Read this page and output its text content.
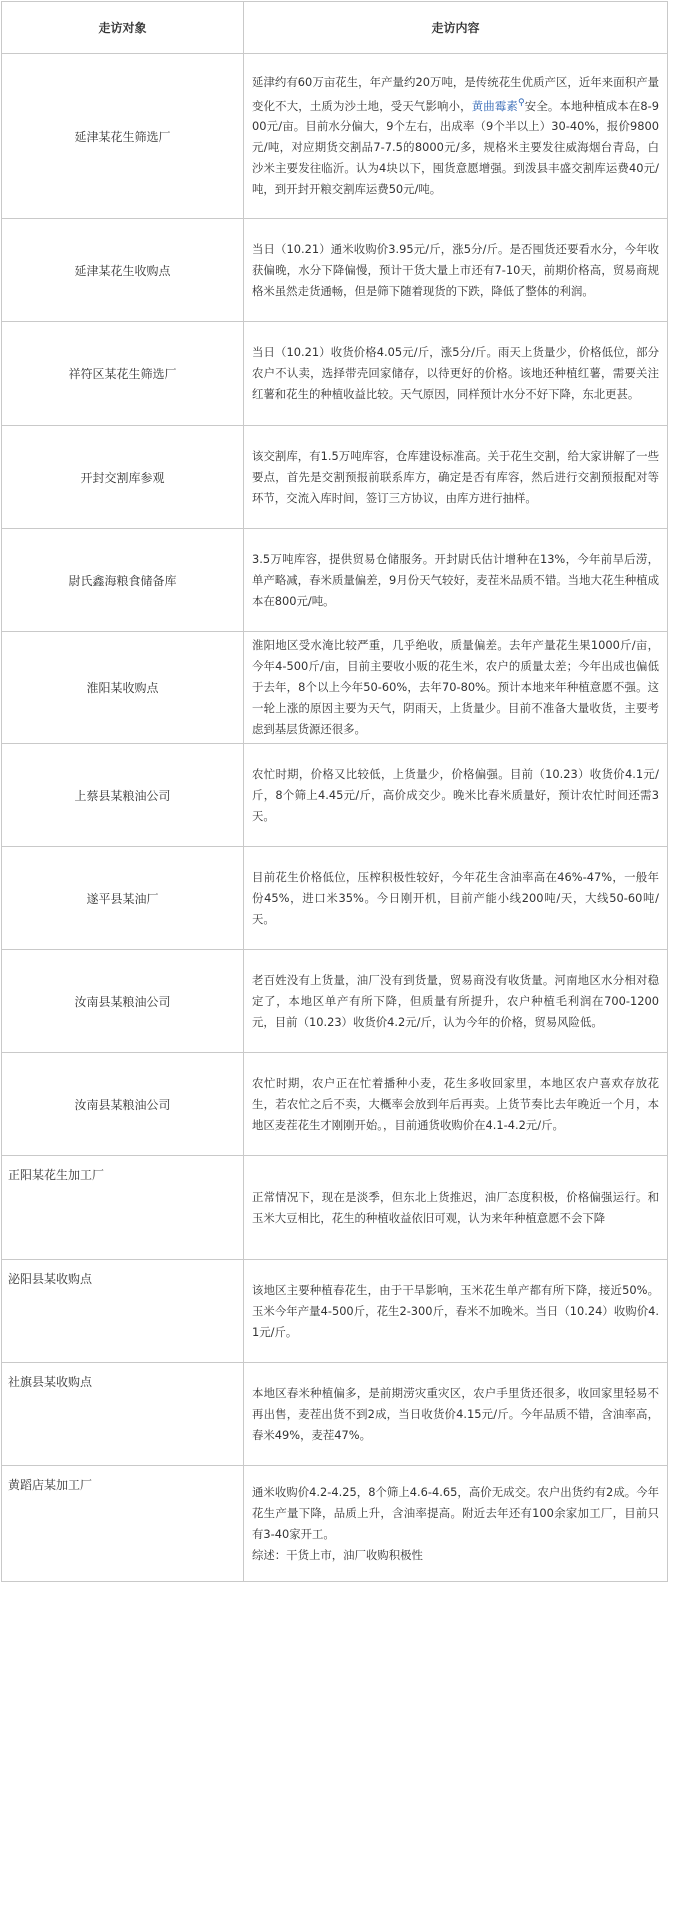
走访对象	走访内容
延津某花生筛选厂	延津约有60万亩花生，年产量约20万吨，是传统花生优质产区，近年来面积产量变化不大，土质为沙土地，受天气影响小，黄曲霉素⚲安全。本地种植成本在8-900元/亩。目前水分偏大，9个左右，出成率（9个半以上）30-40%，报价9800元/吨，对应期货交割品7-7.5的8000元/多，规格米主要发往威海烟台青岛，白沙米主要发往临沂。认为4块以下，囤货意愿增强。到泼县丰盛交割库运费40元/吨，到开封开粮交割库运费50元/吨。
延津某花生收购点	当日（10.21）通米收购价3.95元/斤，涨5分/斤。是否囤货还要看水分，今年收获偏晚，水分下降偏慢，预计干货大量上市还有7-10天，前期价格高，贸易商规格米虽然走货通畅，但是筛下随着现货的下跌，降低了整体的利润。
祥符区某花生筛选厂	当日（10.21）收货价格4.05元/斤，涨5分/斤。雨天上货量少，价格低位，部分农户不认卖，选择带壳回家储存，以待更好的价格。该地还种植红薯，需要关注红薯和花生的种植收益比较。天气原因，同样预计水分不好下降，东北更甚。
开封交割库参观	该交割库，有1.5万吨库容，仓库建设标准高。关于花生交割，给大家讲解了一些要点，首先是交割预报前联系库方，确定是否有库容，然后进行交割预报配对等环节，交流入库时间，签订三方协议，由库方进行抽样。
尉氏鑫海粮食储备库	3.5万吨库容，提供贸易仓储服务。开封尉氏估计增种在13%，今年前旱后涝，单产略减，春米质量偏差，9月份天气较好，麦茬米品质不错。当地大花生种植成本在800元/吨。
淮阳某收购点	淮阳地区受水淹比较严重，几乎绝收，质量偏差。去年产量花生果1000斤/亩，今年4-500斤/亩，目前主要收小贩的花生米，农户的质量太差；今年出成也偏低于去年，8个以上今年50-60%，去年70-80%。预计本地来年种植意愿不强。这一轮上涨的原因主要为天气，阴雨天，上货量少。目前不准备大量收货，主要考虑到基层货源还很多。
上蔡县某粮油公司	农忙时期，价格又比较低，上货量少，价格偏强。目前（10.23）收货价4.1元/斤，8个筛上4.45元/斤，高价成交少。晚米比春米质量好，预计农忙时间还需3天。
遂平县某油厂	目前花生价格低位，压榨积极性较好，今年花生含油率高在46%-47%，一般年份45%，进口米35%。今日刚开机，目前产能小线200吨/天，大线50-60吨/天。
汝南县某粮油公司	老百姓没有上货量，油厂没有到货量，贸易商没有收货量。河南地区水分相对稳定了，本地区单产有所下降，但质量有所提升，农户种植毛利润在700-1200元，目前（10.23）收货价4.2元/斤，认为今年的价格，贸易风险低。
汝南县某粮油公司	农忙时期，农户正在忙着播种小麦，花生多收回家里，本地区农户喜欢存放花生，若农忙之后不卖，大概率会放到年后再卖。上货节奏比去年晚近一个月，本地区麦茬花生才刚刚开始。，目前通货收购价在4.1-4.2元/斤。
正阳某花生加工厂	正常情况下，现在是淡季，但东北上货推迟，油厂态度积极，价格偏强运行。和玉米大豆相比，花生的种植收益依旧可观，认为来年种植意愿不会下降
泌阳县某收购点	该地区主要种植春花生，由于干旱影响，玉米花生单产都有所下降，接近50%。玉米今年产量4-500斤，花生2-300斤，春米不加晚米。当日（10.24）收购价4.1元/斤。
社旗县某收购点	本地区春米种植偏多，是前期涝灾重灾区，农户手里货还很多，收回家里轻易不再出售，麦茬出货不到2成，当日收货价4.15元/斤。今年品质不错，含油率高，春米49%，麦茬47%。
黄蹈店某加工厂	通米收购价4.2-4.25，8个筛上4.6-4.65，高价无成交。农户出货约有2成。今年花生产量下降，品质上升，含油率提高。附近去年还有100余家加工厂，目前只有3-40家开工。
综述：干货上市，油厂收购积极性
